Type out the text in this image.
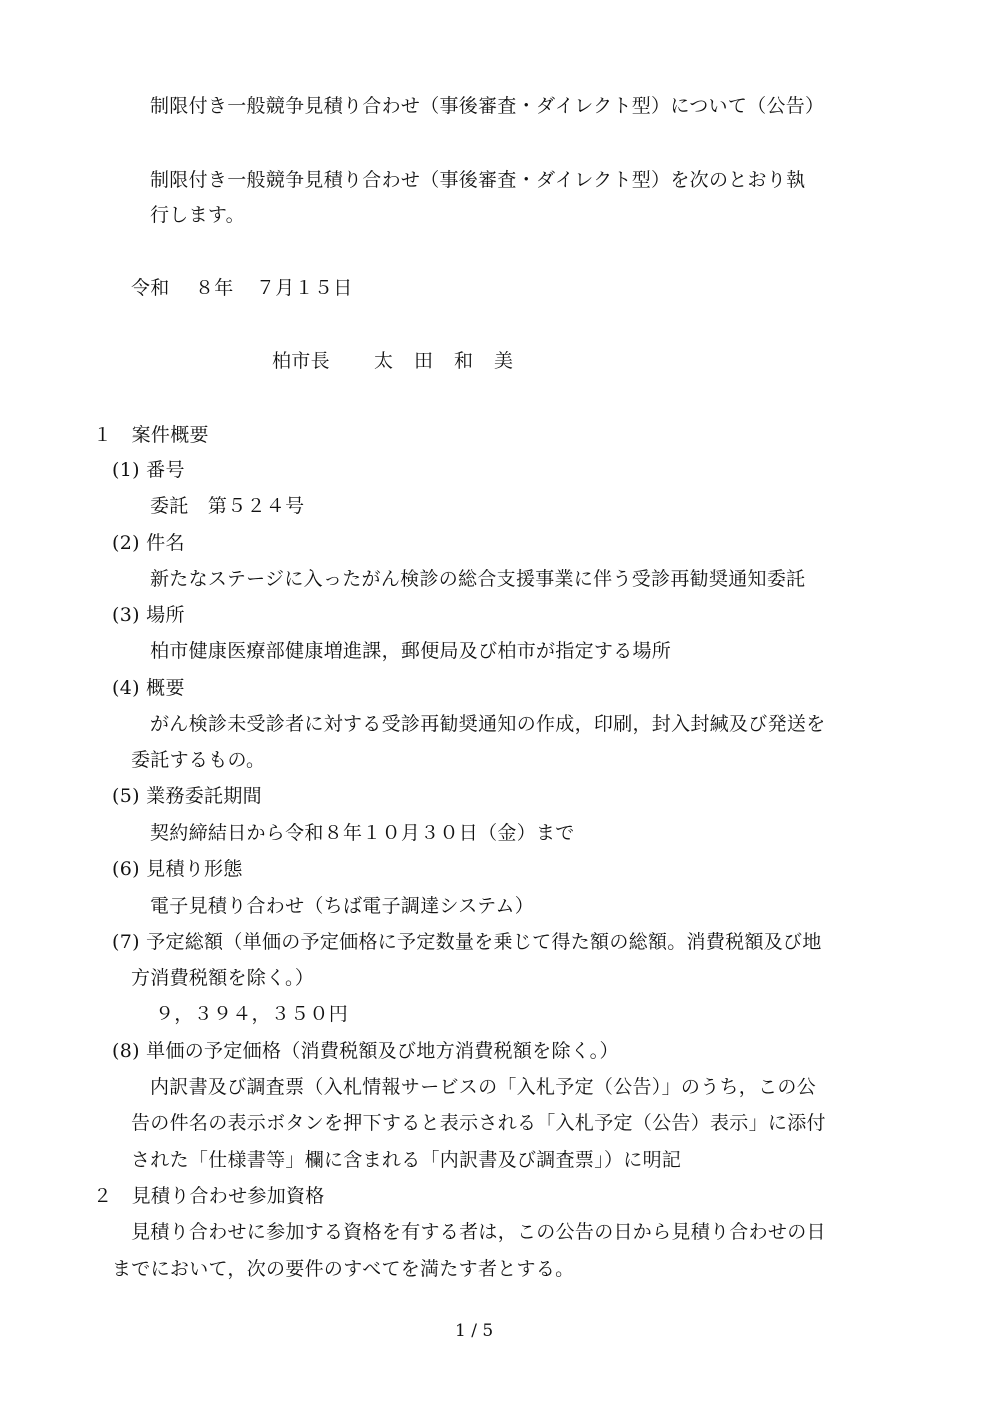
制限付き一般競争見積り合わせ（事後審査・ダイレクト型）について（公告）
制限付き一般競争見積り合わせ（事後審査・ダイレクト型）を次のとおり執
行します。
令和 ８年 ７月１５日
柏市長 太 田 和 美
１　案件概要
(1) 番号
委託　第５２４号
(2) 件名
新たなステージに入ったがん検診の総合支援事業に伴う受診再勧奨通知委託
(3) 場所
柏市健康医療部健康増進課，郵便局及び柏市が指定する場所
(4) 概要
がん検診未受診者に対する受診再勧奨通知の作成，印刷，封入封緘及び発送を
委託するもの。
(5) 業務委託期間
契約締結日から令和８年１０月３０日（金）まで
(6) 見積り形態
電子見積り合わせ（ちば電子調達システム）
(7) 予定総額（単価の予定価格に予定数量を乗じて得た額の総額。消費税額及び地
方消費税額を除く。）
９，３９４，３５０円
(8) 単価の予定価格（消費税額及び地方消費税額を除く。）
内訳書及び調査票（入札情報サービスの「入札予定（公告）」のうち，この公
告の件名の表示ボタンを押下すると表示される「入札予定（公告）表示」に添付
された「仕様書等」欄に含まれる「内訳書及び調査票」）に明記
２　見積り合わせ参加資格
見積り合わせに参加する資格を有する者は，この公告の日から見積り合わせの日
までにおいて，次の要件のすべてを満たす者とする。
1 / 5
